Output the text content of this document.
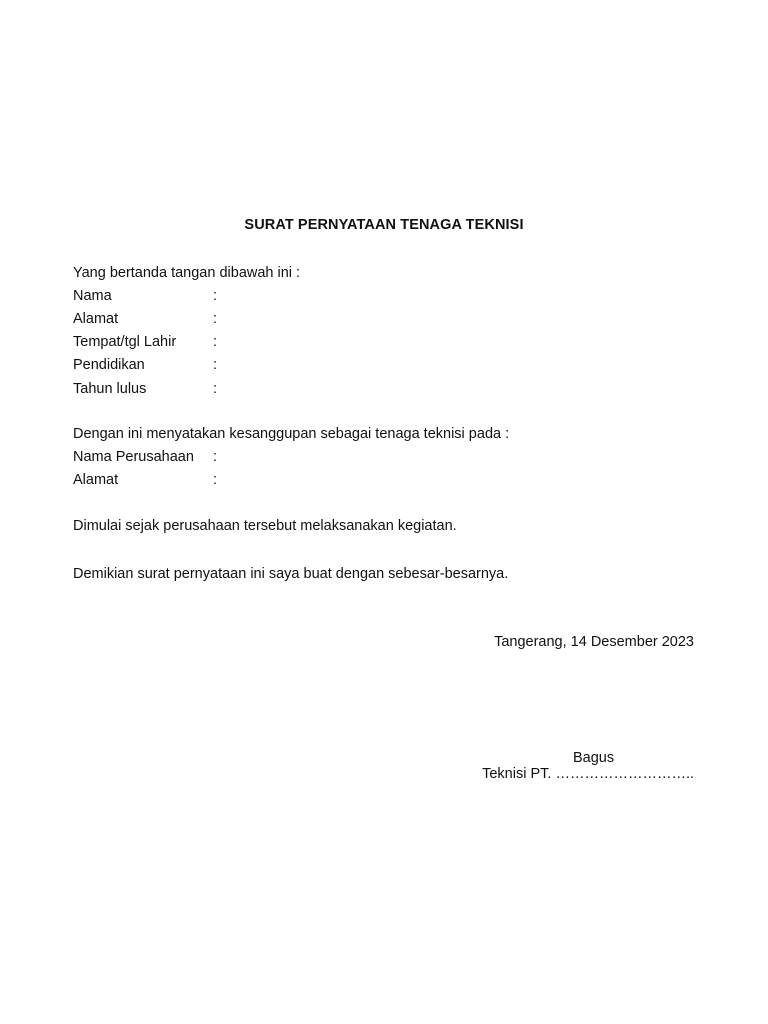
SURAT PERNYATAAN TENAGA TEKNISI
Yang bertanda tangan dibawah ini :
Nama	:
Alamat	:
Tempat/tgl Lahir	:
Pendidikan	:
Tahun lulus	:
Dengan ini menyatakan kesanggupan sebagai tenaga teknisi pada :
Nama Perusahaan :
Alamat	:
Dimulai sejak perusahaan tersebut melaksanakan kegiatan.
Demikian surat pernyataan ini saya buat dengan sebesar-besarnya.
Tangerang, 14 Desember 2023
Bagus
Teknisi PT. ………………………..
